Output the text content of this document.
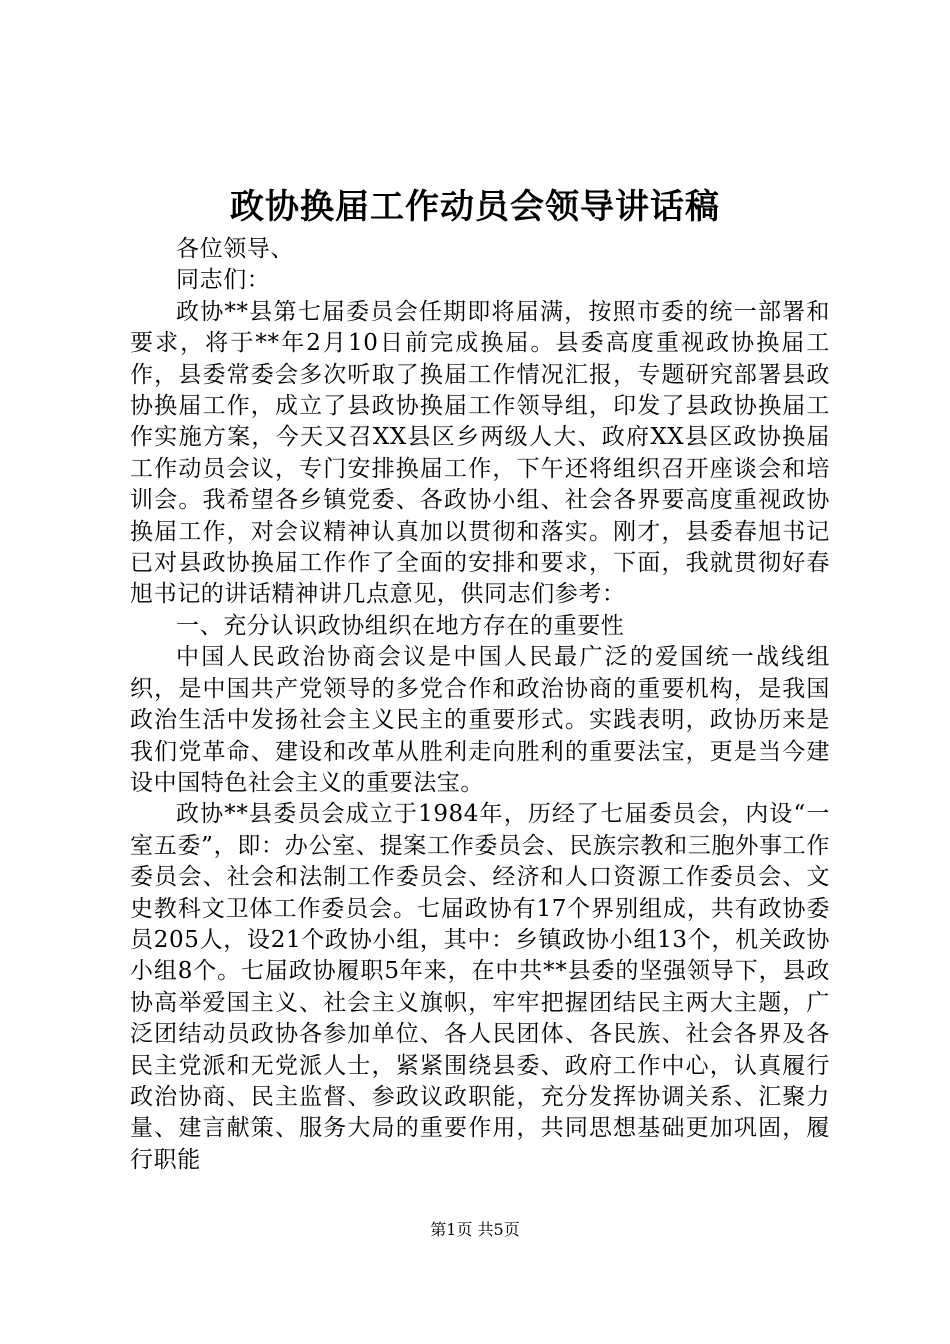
政协换届工作动员会领导讲话稿

各位领导、

同志们：

政协**县第七届委员会任期即将届满，按照市委的统一部署和要求，将于**年2月10日前完成换届。县委高度重视政协换届工作，县委常委会多次听取了换届工作情况汇报，专题研究部署县政协换届工作，成立了县政协换届工作领导组，印发了县政协换届工作实施方案，今天又召XX县区乡两级人大、政府XX县区政协换届工作动员会议，专门安排换届工作，下午还将组织召开座谈会和培训会。我希望各乡镇党委、各政协小组、社会各界要高度重视政协换届工作，对会议精神认真加以贯彻和落实。刚才，县委春旭书记已对县政协换届工作作了全面的安排和要求，下面，我就贯彻好春旭书记的讲话精神讲几点意见，供同志们参考：

一、充分认识政协组织在地方存在的重要性

中国人民政治协商会议是中国人民最广泛的爱国统一战线组织，是中国共产党领导的多党合作和政治协商的重要机构，是我国政治生活中发扬社会主义民主的重要形式。实践表明，政协历来是我们党革命、建设和改革从胜利走向胜利的重要法宝，更是当今建设中国特色社会主义的重要法宝。

政协**县委员会成立于1984年，历经了七届委员会，内设“一室五委”，即：办公室、提案工作委员会、民族宗教和三胞外事工作委员会、社会和法制工作委员会、经济和人口资源工作委员会、文史教科文卫体工作委员会。七届政协有17个界别组成，共有政协委员205人，设21个政协小组，其中：乡镇政协小组13个，机关政协小组8个。七届政协履职5年来，在中共**县委的坚强领导下，县政协高举爱国主义、社会主义旗帜，牢牢把握团结民主两大主题，广泛团结动员政协各参加单位、各人民团体、各民族、社会各界及各民主党派和无党派人士，紧紧围绕县委、政府工作中心，认真履行政治协商、民主监督、参政议政职能，充分发挥协调关系、汇聚力量、建言献策、服务大局的重要作用，共同思想基础更加巩固，履行职能

第1页 共5页
